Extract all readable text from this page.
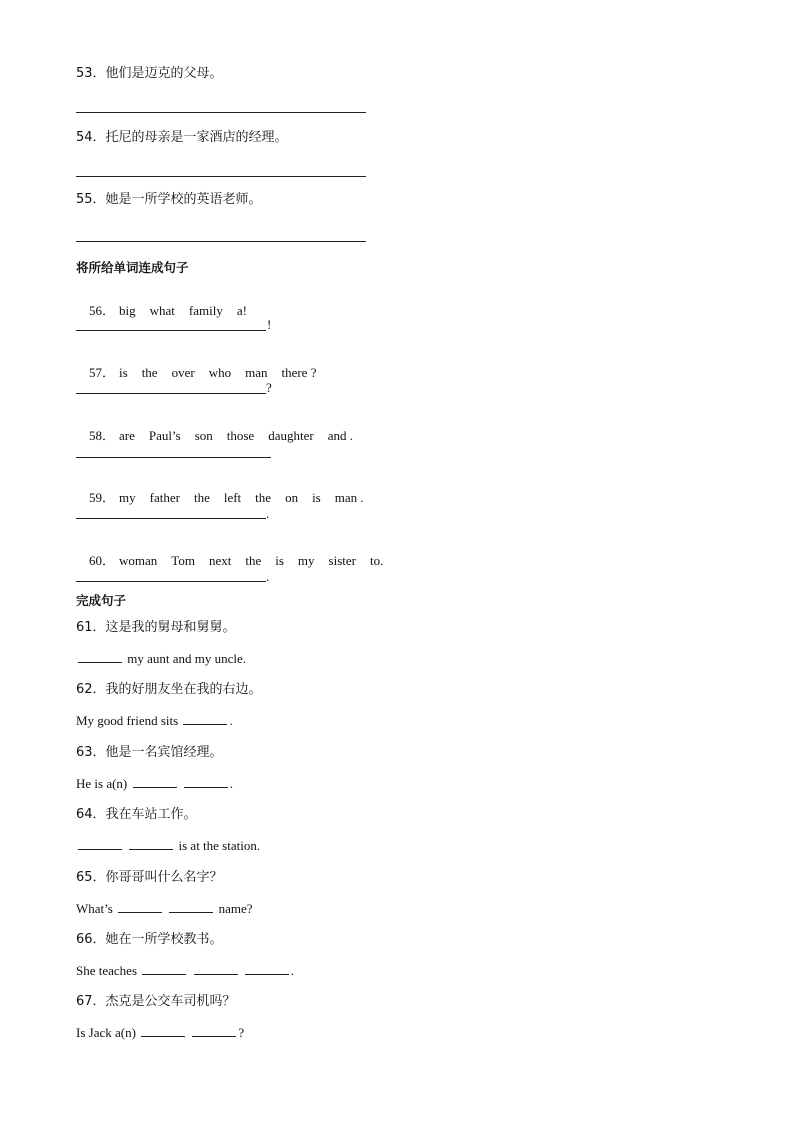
53．他们是迈克的父母。
54．托尼的母亲是一家酒店的经理。
55．她是一所学校的英语老师。
将所给单词连成句子

56． big what family a!

!

57． is the over who man there ?

?

58． are Paul’s son those daughter and .

59． my father the left the on is man .

.

60． woman Tom next the is my sister to.

.
完成句子
61．这是我的舅母和舅舅。
my aunt and my uncle.
62．我的好朋友坐在我的右边。
My good friend sits	.
63．他是一名宾馆经理。
He is a(n)	.
64．我在车站工作。
is at the station.
65．你哥哥叫什么名字？
What’s	name?
66．她在一所学校教书。
She teaches	.
67．杰克是公交车司机吗？
Is Jack a(n)	?
